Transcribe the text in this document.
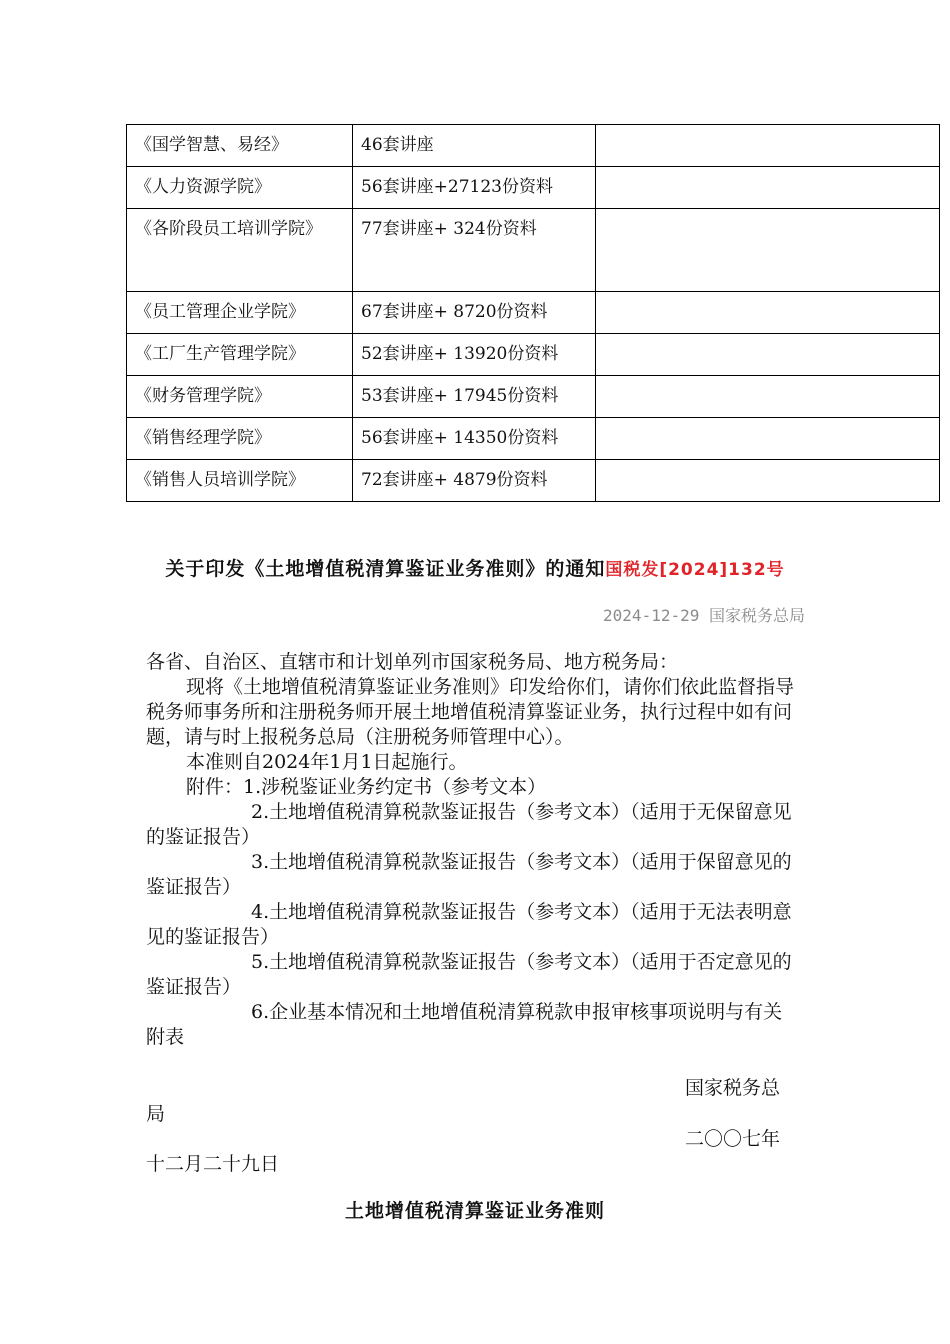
《国学智慧、易经》	46套讲座	
《人力资源学院》	56套讲座+27123份资料	
《各阶段员工培训学院》	77套讲座+ 324份资料	
《员工管理企业学院》	67套讲座+ 8720份资料	
《工厂生产管理学院》	52套讲座+ 13920份资料	
《财务管理学院》	53套讲座+ 17945份资料	
《销售经理学院》	56套讲座+ 14350份资料	
《销售人员培训学院》	72套讲座+ 4879份资料	
关于印发《土地增值税清算鉴证业务准则》的通知国税发[2024]132号
2024-12-29 国家税务总局

各省、自治区、直辖市和计划单列市国家税务局、地方税务局：

现将《土地增值税清算鉴证业务准则》印发给你们，请你们依此监督指导税务师事务所和注册税务师开展土地增值税清算鉴证业务，执行过程中如有问题，请与时上报税务总局（注册税务师管理中心）。

本准则自2024年1月1日起施行。

附件：1.涉税鉴证业务约定书（参考文本）

2.土地增值税清算税款鉴证报告（参考文本）（适用于无保留意见的鉴证报告）

3.土地增值税清算税款鉴证报告（参考文本）（适用于保留意见的鉴证报告）

4.土地增值税清算税款鉴证报告（参考文本）（适用于无法表明意见的鉴证报告）

5.土地增值税清算税款鉴证报告（参考文本）（适用于否定意见的鉴证报告）

6.企业基本情况和土地增值税清算税款申报审核事项说明与有关附表

国家税务总
局
二〇〇七年
十二月二十九日
土地增值税清算鉴证业务准则
